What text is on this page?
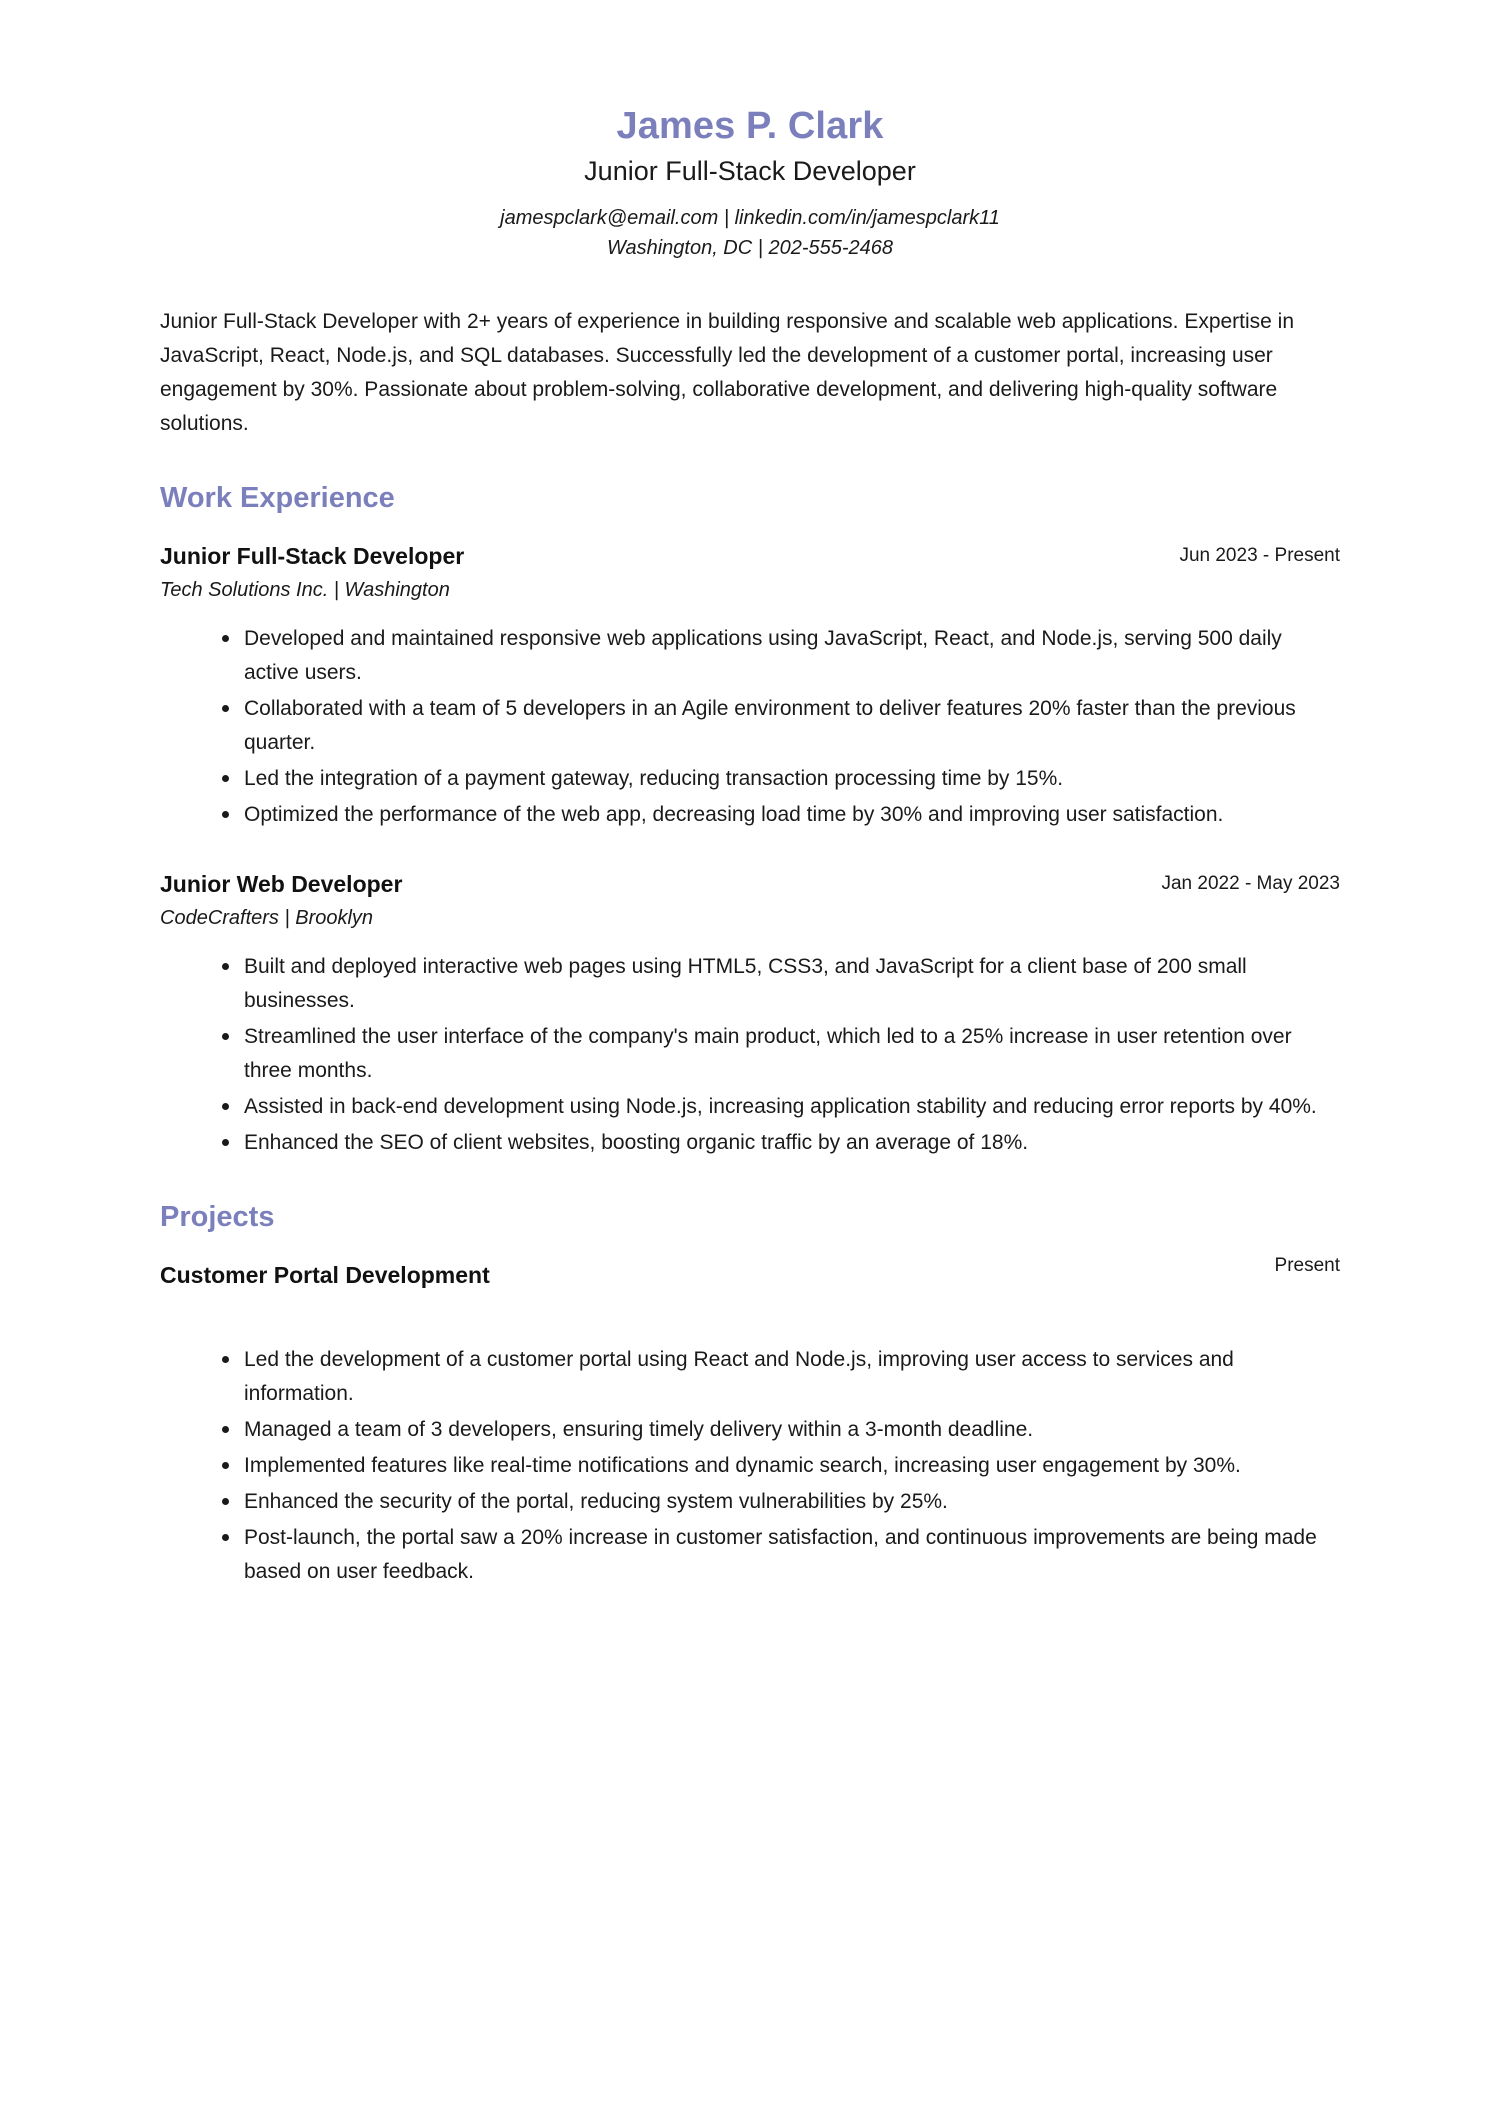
James P. Clark
Junior Full-Stack Developer
jamespclark@email.com | linkedin.com/in/jamespclark11
Washington, DC | 202-555-2468

Junior Full-Stack Developer with 2+ years of experience in building responsive and scalable web applications. Expertise in JavaScript, React, Node.js, and SQL databases. Successfully led the development of a customer portal, increasing user engagement by 30%. Passionate about problem-solving, collaborative development, and delivering high-quality software solutions.

Work Experience
Junior Full-Stack Developer	Jun 2023 - Present
Tech Solutions Inc. | Washington
Developed and maintained responsive web applications using JavaScript, React, and Node.js, serving 500 daily active users.
Collaborated with a team of 5 developers in an Agile environment to deliver features 20% faster than the previous quarter.
Led the integration of a payment gateway, reducing transaction processing time by 15%.
Optimized the performance of the web app, decreasing load time by 30% and improving user satisfaction.
Junior Web Developer	Jan 2022 - May 2023
CodeCrafters | Brooklyn
Built and deployed interactive web pages using HTML5, CSS3, and JavaScript for a client base of 200 small businesses.
Streamlined the user interface of the company's main product, which led to a 25% increase in user retention over three months.
Assisted in back-end development using Node.js, increasing application stability and reducing error reports by 40%.
Enhanced the SEO of client websites, boosting organic traffic by an average of 18%.
Projects
Customer Portal Development	Present
Led the development of a customer portal using React and Node.js, improving user access to services and information.
Managed a team of 3 developers, ensuring timely delivery within a 3-month deadline.
Implemented features like real-time notifications and dynamic search, increasing user engagement by 30%.
Enhanced the security of the portal, reducing system vulnerabilities by 25%.
Post-launch, the portal saw a 20% increase in customer satisfaction, and continuous improvements are being made based on user feedback.
